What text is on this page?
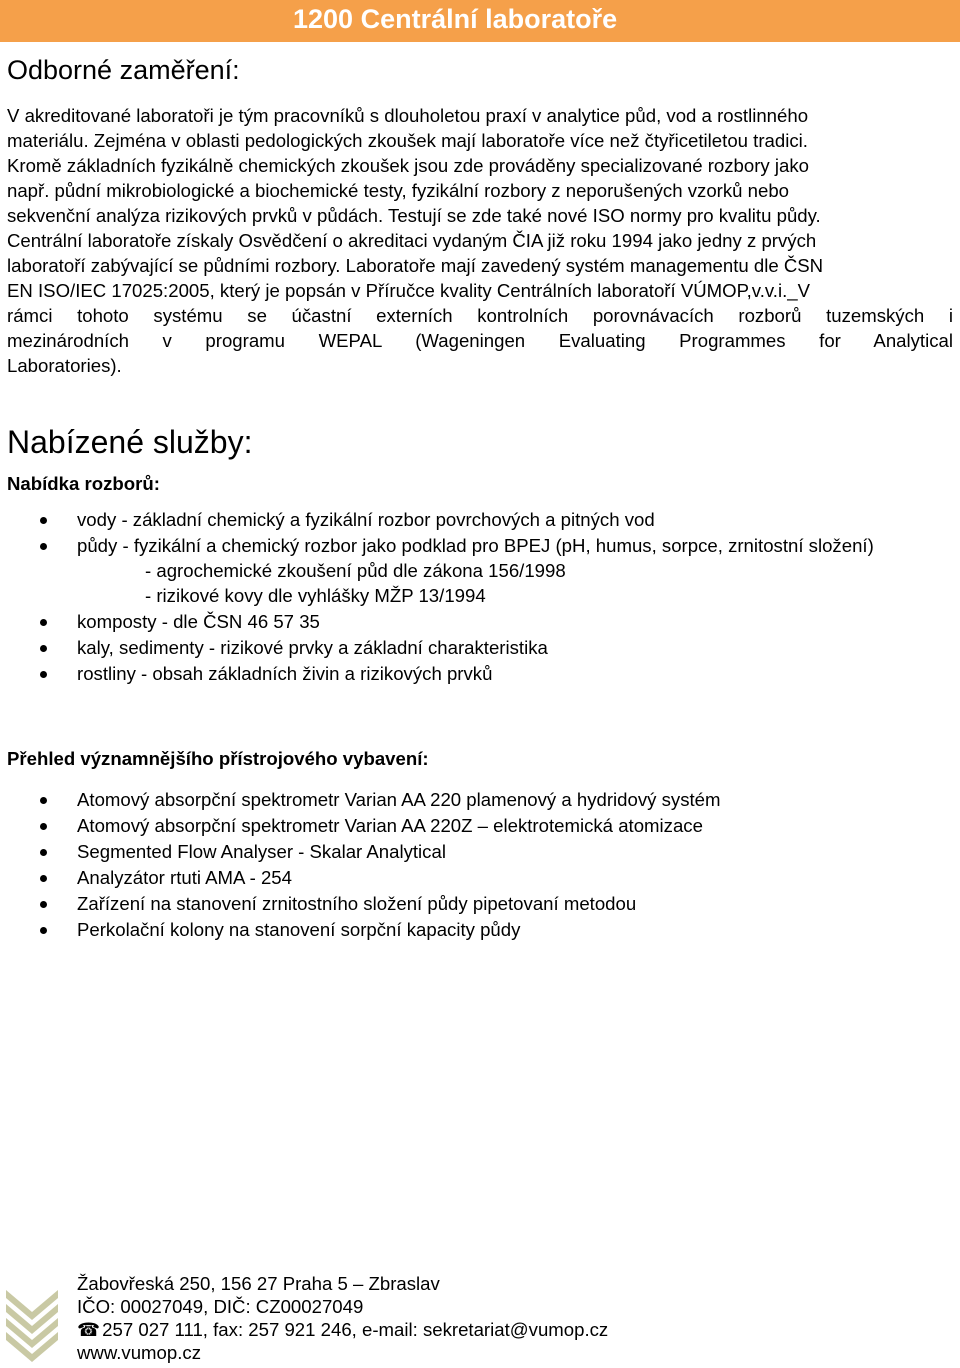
1200 Centrální laboratoře
Odborné zaměření:
V akreditované laboratoři je tým pracovníků s dlouholetou praxí v analytice půd, vod a rostlinného
materiálu. Zejména v oblasti pedologických zkoušek mají laboratoře více než čtyřicetiletou tradici.
Kromě základních fyzikálně chemických zkoušek jsou zde prováděny specializované rozbory jako
např. půdní mikrobiologické a biochemické testy, fyzikální rozbory z neporušených vzorků nebo
sekvenční analýza rizikových prvků v půdách. Testují se zde také nové ISO normy pro kvalitu půdy.
Centrální laboratoře získaly Osvědčení o akreditaci vydaným ČIA již roku 1994 jako jedny z prvých
laboratoří zabývající se půdními rozbory. Laboratoře mají zavedený systém managementu dle ČSN
EN ISO/IEC 17025:2005, který je popsán v Příručce kvality Centrálních laboratoří VÚMOP,v.v.i._V
rámci tohoto systému se účastní externích kontrolních porovnávacích rozborů tuzemských i
mezinárodních v programu WEPAL (Wageningen Evaluating Programmes for Analytical
Laboratories).
Nabízené služby:
Nabídka rozborů:
vody - základní chemický a fyzikální rozbor povrchových a pitných vod
půdy - fyzikální a chemický rozbor jako podklad pro BPEJ (pH, humus, sorpce, zrnitostní složení)
- agrochemické zkoušení půd dle zákona 156/1998
- rizikové kovy dle vyhlášky MŽP 13/1994
komposty - dle ČSN 46 57 35
kaly, sedimenty - rizikové prvky a základní charakteristika
rostliny - obsah základních živin a rizikových prvků
Přehled významnějšího přístrojového vybavení:
Atomový absorpční spektrometr Varian AA 220 plamenový a hydridový systém
Atomový absorpční spektrometr Varian AA 220Z – elektrotemická atomizace
Segmented Flow Analyser - Skalar Analytical
Analyzátor rtuti AMA - 254
Zařízení na stanovení zrnitostního složení půdy pipetovaní metodou
Perkolační kolony na stanovení sorpční kapacity půdy
Žabovřeská 250, 156 27 Praha 5 – Zbraslav
IČO: 00027049, DIČ: CZ00027049
☎ 257 027 111, fax: 257 921 246, e-mail: sekretariat@vumop.cz
www.vumop.cz
